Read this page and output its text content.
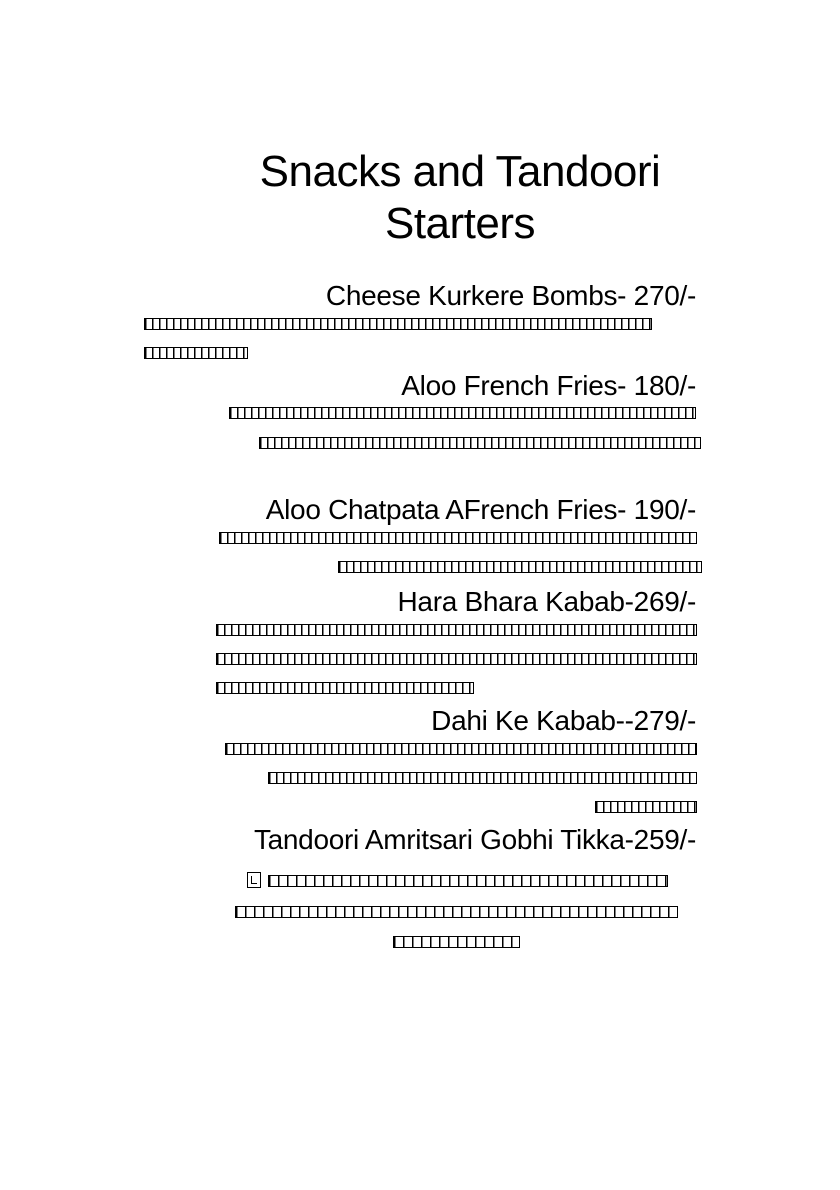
Snacks and Tandoori Starters
Cheese Kurkere Bombs- 270/-
Aloo French Fries- 180/-
Aloo Chatpata AFrench Fries- 190/-
Hara Bhara Kabab-269/-
Dahi Ke Kabab--279/-
Tandoori Amritsari Gobhi Tikka-259/-
